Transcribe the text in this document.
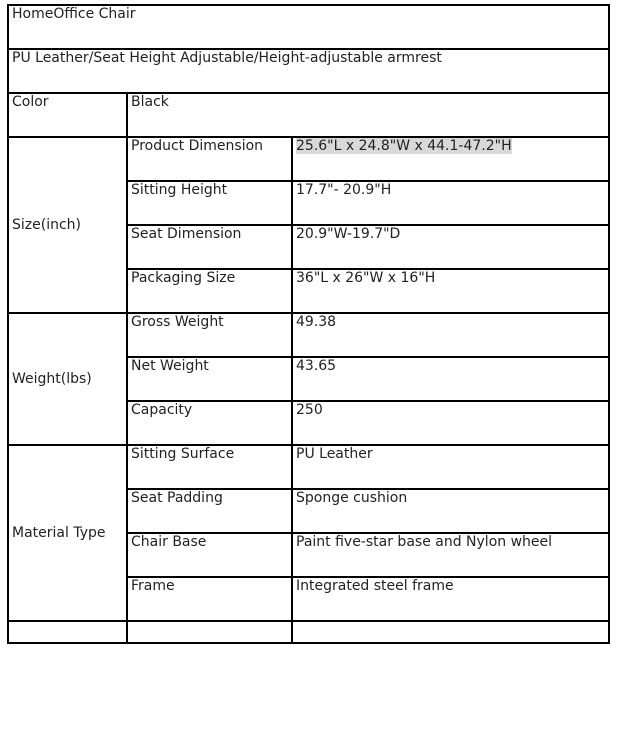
HomeOffice Chair		
PU Leather/Seat Height Adjustable/Height-adjustable armrest		
Color	Black	
Size(inch)	Product Dimension	25.6"L x 24.8"W x 44.1-47.2"H
	Sitting Height	17.7"- 20.9"H
	Seat Dimension	20.9"W-19.7"D
	Packaging Size	36"L x 26"W x 16"H
Weight(lbs)	Gross Weight	49.38
	Net Weight	43.65
	Capacity	250
Material Type	Sitting Surface	PU Leather
	Seat Padding	Sponge cushion
	Chair Base	Paint five-star base and Nylon wheel
	Frame	Integrated steel frame
